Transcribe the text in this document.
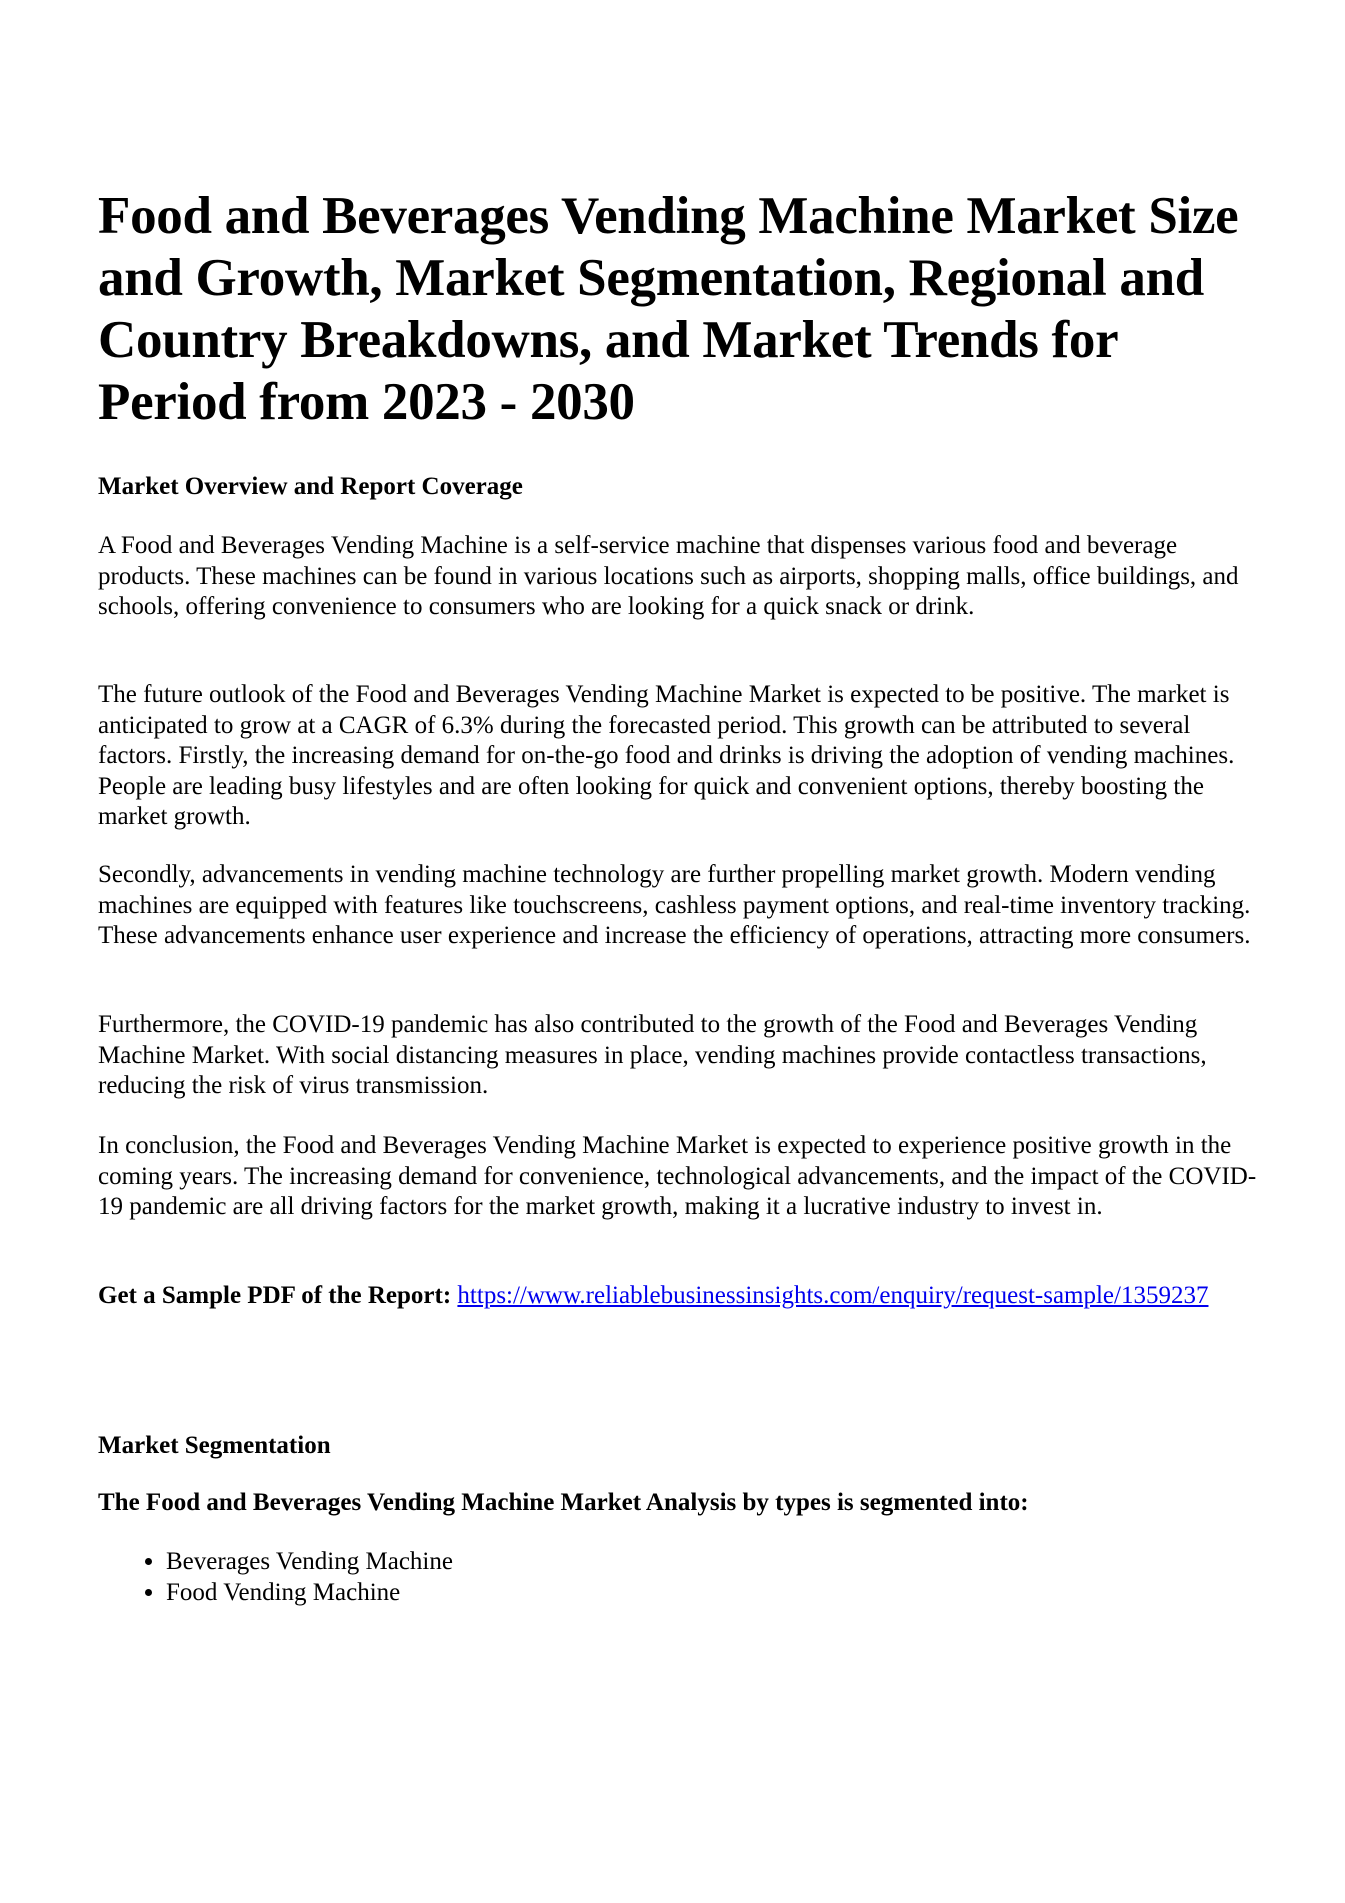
Food and Beverages Vending Machine Market Size and Growth, Market Segmentation, Regional and Country Breakdowns, and Market Trends for Period from 2023 - 2030
Market Overview and Report Coverage

A Food and Beverages Vending Machine is a self-service machine that dispenses various food and beverage products. These machines can be found in various locations such as airports, shopping malls, office buildings, and schools, offering convenience to consumers who are looking for a quick snack or drink.

The future outlook of the Food and Beverages Vending Machine Market is expected to be positive. The market is anticipated to grow at a CAGR of 6.3% during the forecasted period. This growth can be attributed to several factors. Firstly, the increasing demand for on-the-go food and drinks is driving the adoption of vending machines. People are leading busy lifestyles and are often looking for quick and convenient options, thereby boosting the market growth.

Secondly, advancements in vending machine technology are further propelling market growth. Modern vending machines are equipped with features like touchscreens, cashless payment options, and real-time inventory tracking. These advancements enhance user experience and increase the efficiency of operations, attracting more consumers.

Furthermore, the COVID-19 pandemic has also contributed to the growth of the Food and Beverages Vending Machine Market. With social distancing measures in place, vending machines provide contactless transactions, reducing the risk of virus transmission.

In conclusion, the Food and Beverages Vending Machine Market is expected to experience positive growth in the coming years. The increasing demand for convenience, technological advancements, and the impact of the COVID-19 pandemic are all driving factors for the market growth, making it a lucrative industry to invest in.

Get a Sample PDF of the Report: https://www.reliablebusinessinsights.com/enquiry/request-sample/1359237

Market Segmentation
The Food and Beverages Vending Machine Market Analysis by types is segmented into:
• Beverages Vending Machine
• Food Vending Machine
